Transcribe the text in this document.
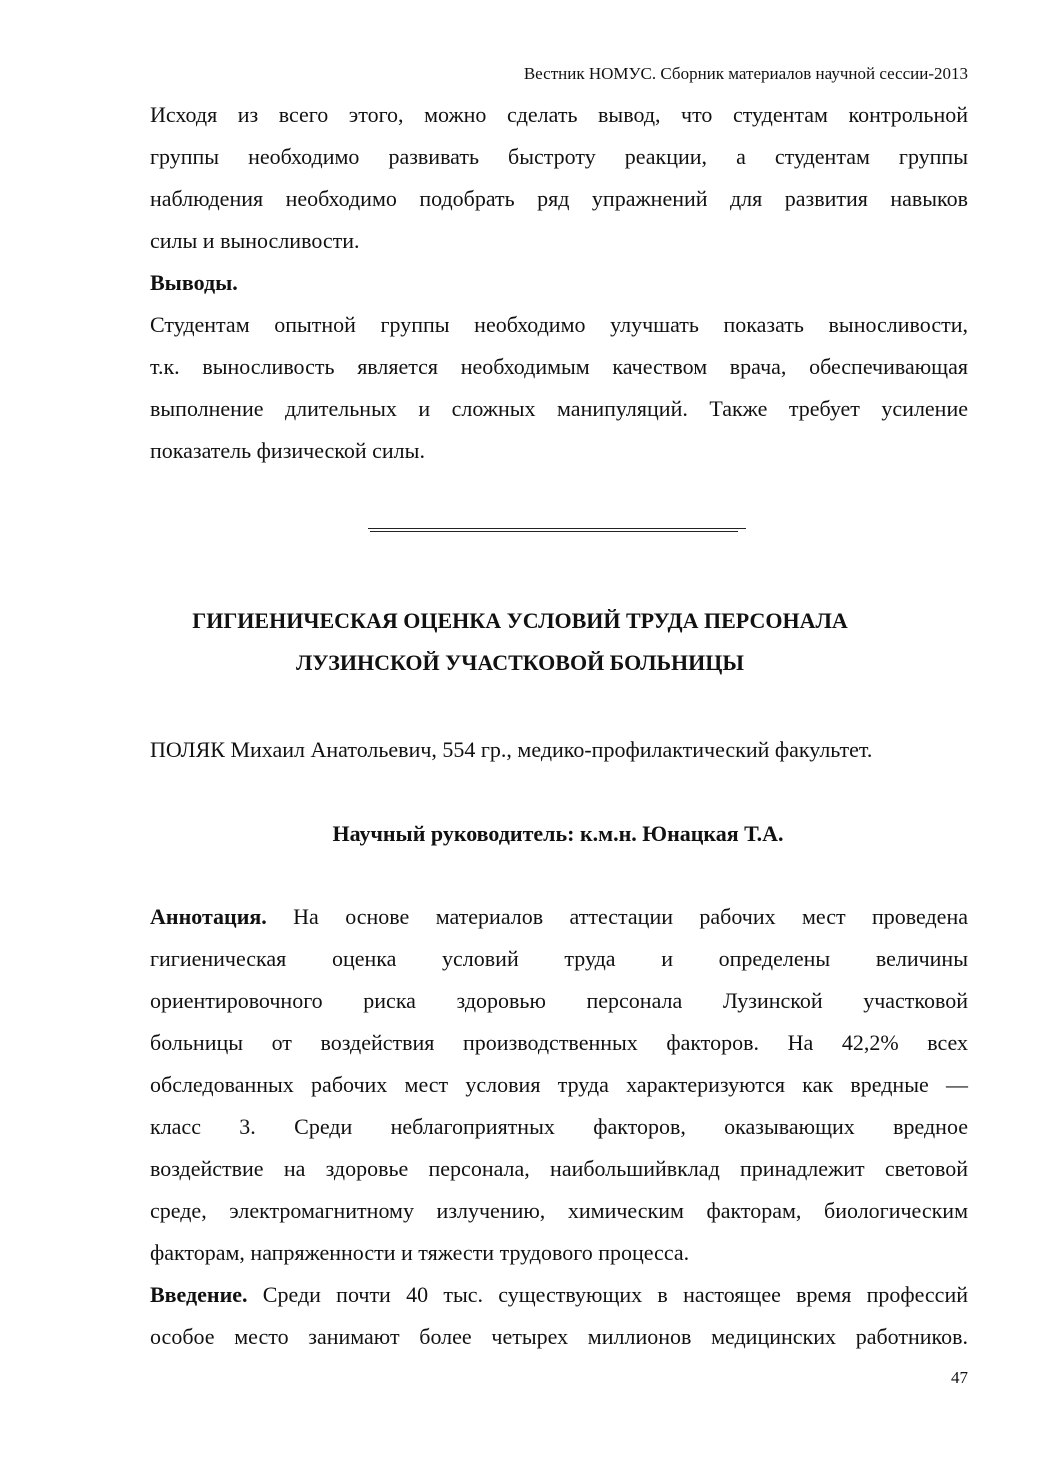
Вестник НОМУС. Сборник материалов научной сессии-2013
Исходя из всего этого, можно сделать вывод, что студентам контрольной
группы необходимо развивать быстроту реакции, а студентам группы
наблюдения необходимо подобрать ряд упражнений для развития навыков
силы и выносливости.
Выводы.
Студентам опытной группы необходимо улучшать показать выносливости,
т.к. выносливость является необходимым качеством врача, обеспечивающая
выполнение длительных и сложных манипуляций. Также требует усиление
показатель физической силы.
ГИГИЕНИЧЕСКАЯ ОЦЕНКА УСЛОВИЙ ТРУДА ПЕРСОНАЛА
ЛУЗИНСКОЙ УЧАСТКОВОЙ БОЛЬНИЦЫ
ПОЛЯК Михаил Анатольевич, 554 гр., медико-профилактический факультет.
Научный руководитель: к.м.н. Юнацкая Т.А.
Аннотация. На основе материалов аттестации рабочих мест проведена
гигиеническая оценка условий труда и определены величины
ориентировочного риска здоровью персонала Лузинской участковой
больницы от воздействия производственных факторов. На 42,2% всех
обследованных рабочих мест условия труда характеризуются как вредные —
класс 3. Среди неблагоприятных факторов, оказывающих вредное
воздействие на здоровье персонала, наибольшийвклад принадлежит световой
среде, электромагнитному излучению, химическим факторам, биологическим
факторам, напряженности и тяжести трудового процесса.
Введение. Среди почти 40 тыс. существующих в настоящее время профессий
особое место занимают более четырех миллионов медицинских работников.
47
